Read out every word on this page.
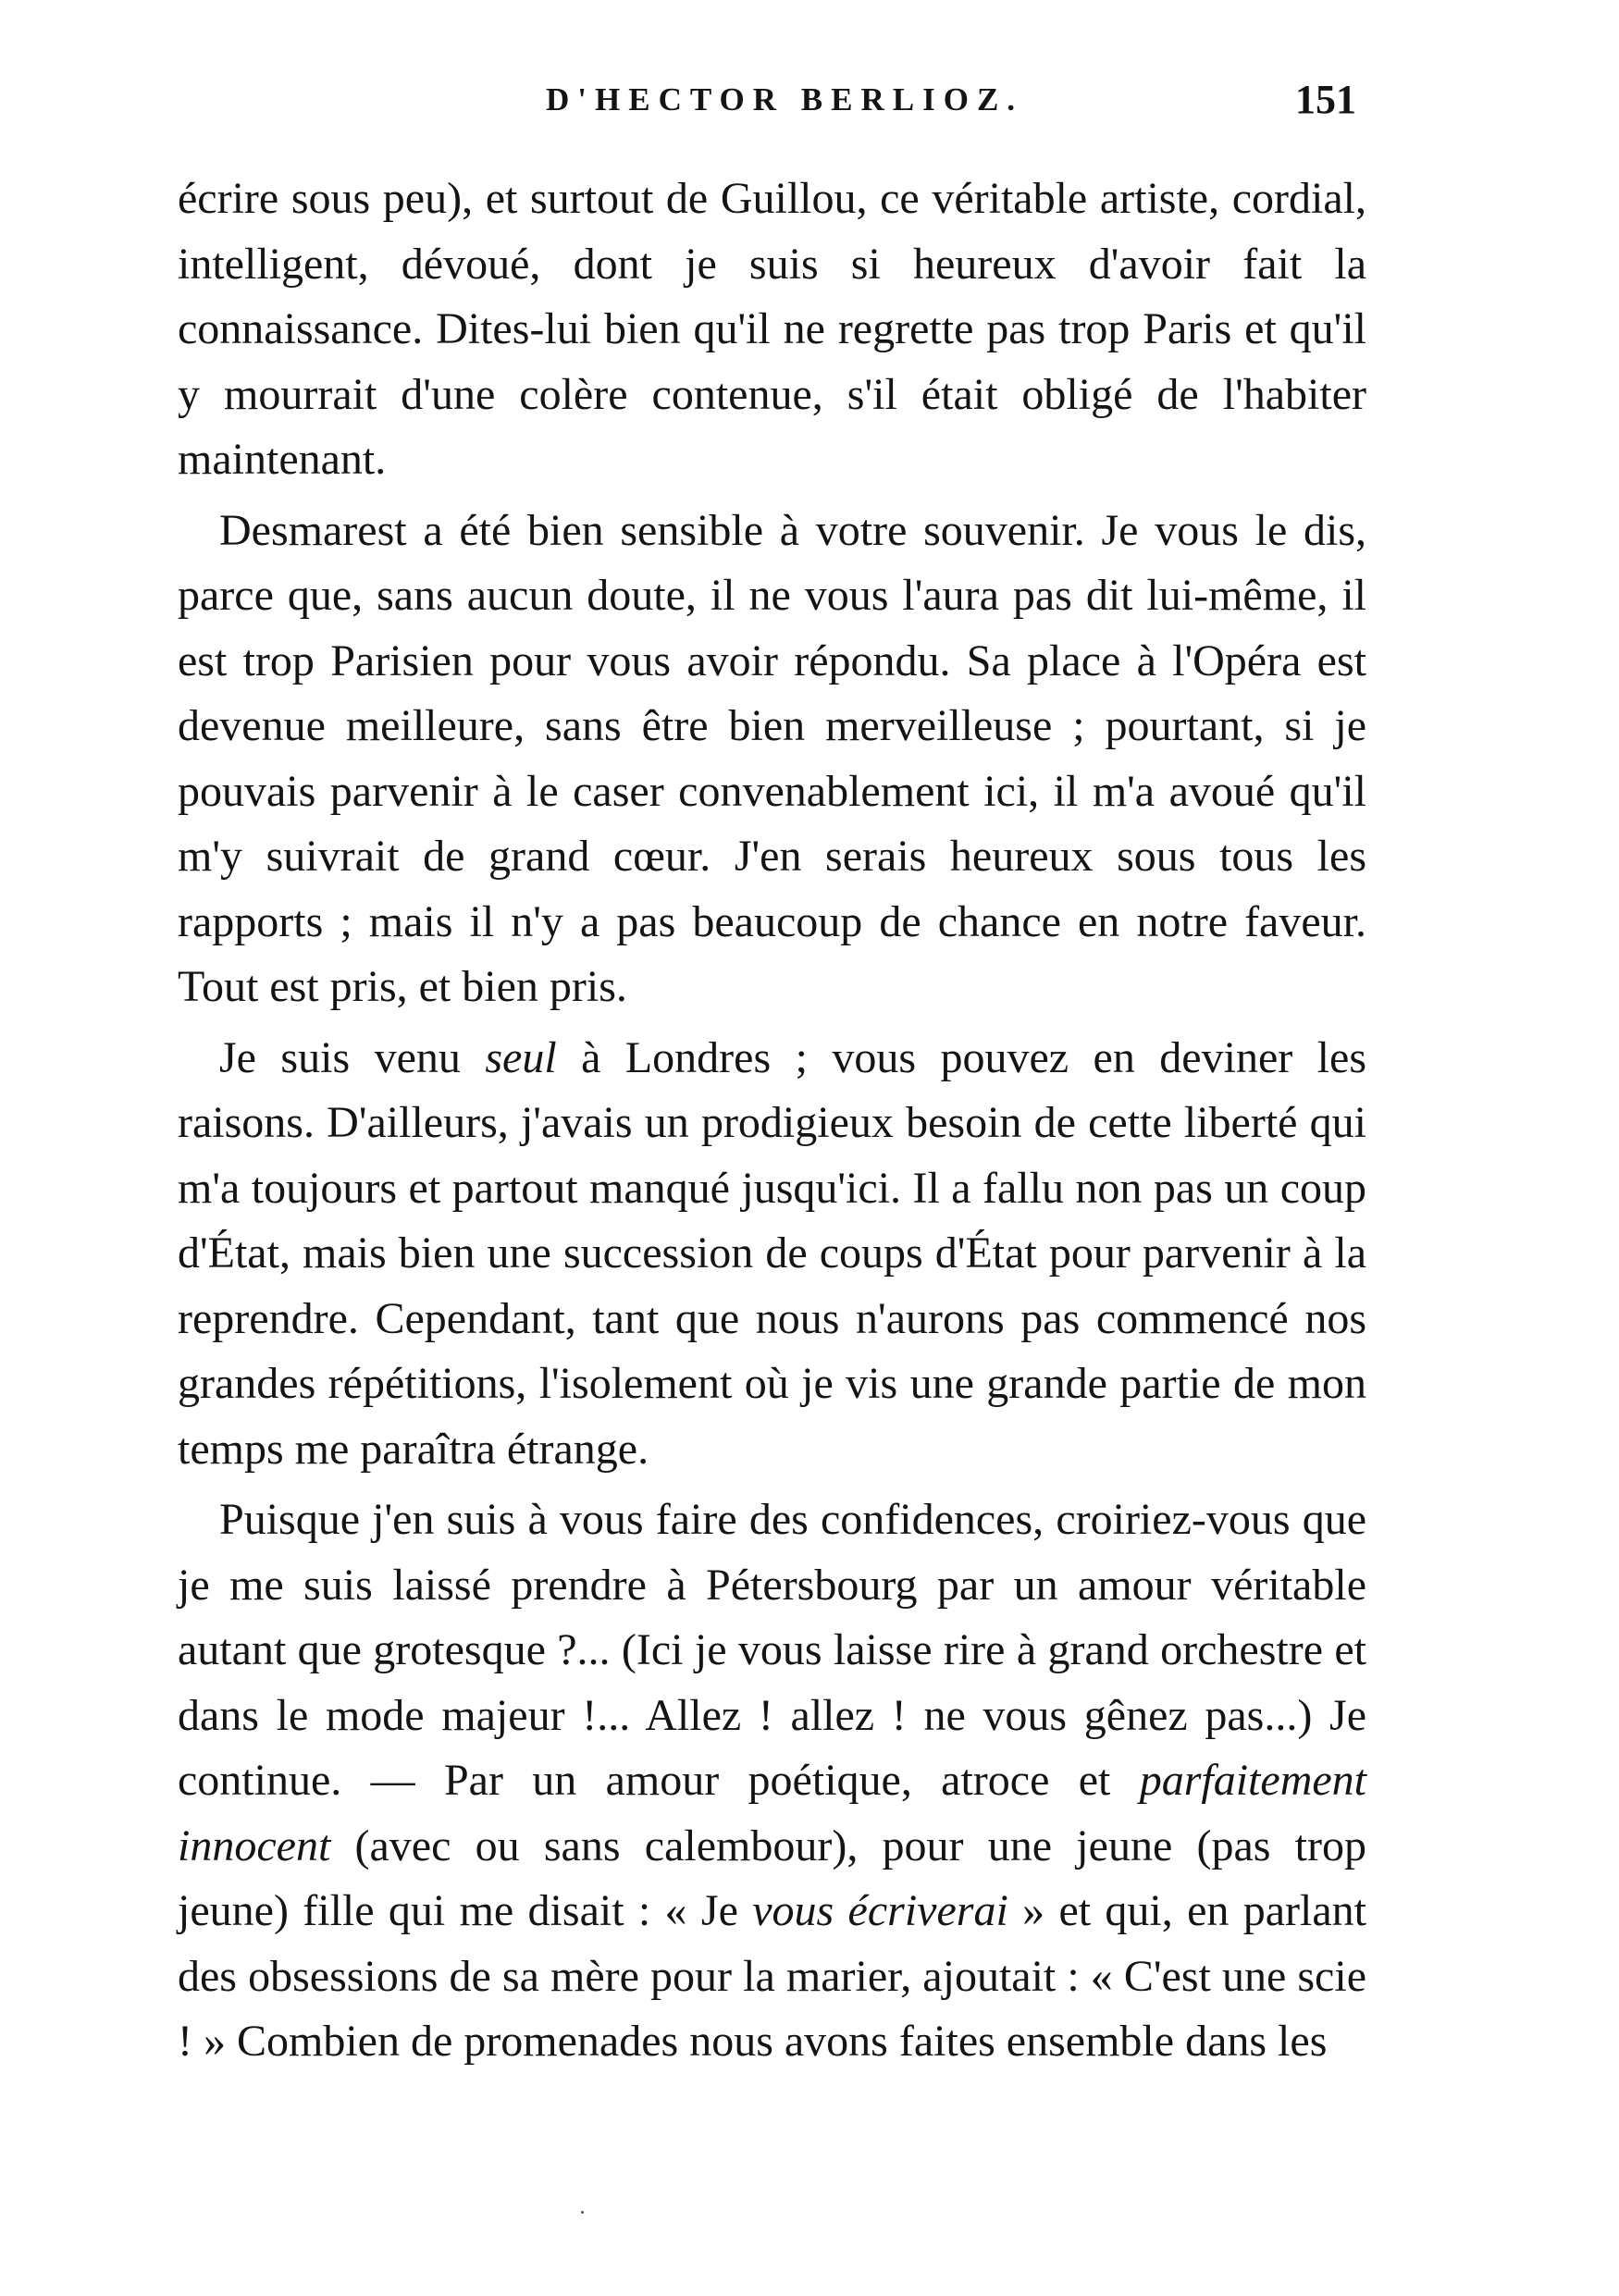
D'HECTOR BERLIOZ.	151

écrire sous peu), et surtout de Guillou, ce véritable artiste, cordial, intelligent, dévoué, dont je suis si heureux d'avoir fait la connaissance. Dites-lui bien qu'il ne regrette pas trop Paris et qu'il y mourrait d'une colère contenue, s'il était obligé de l'habiter maintenant.

Desmarest a été bien sensible à votre souvenir. Je vous le dis, parce que, sans aucun doute, il ne vous l'aura pas dit lui-même, il est trop Parisien pour vous avoir répondu. Sa place à l'Opéra est devenue meilleure, sans être bien merveilleuse ; pourtant, si je pouvais parvenir à le caser convenablement ici, il m'a avoué qu'il m'y suivrait de grand cœur. J'en serais heureux sous tous les rapports ; mais il n'y a pas beaucoup de chance en notre faveur. Tout est pris, et bien pris.

Je suis venu seul à Londres ; vous pouvez en deviner les raisons. D'ailleurs, j'avais un prodigieux besoin de cette liberté qui m'a toujours et partout manqué jusqu'ici. Il a fallu non pas un coup d'État, mais bien une succession de coups d'État pour parvenir à la reprendre. Cependant, tant que nous n'aurons pas commencé nos grandes répétitions, l'isolement où je vis une grande partie de mon temps me paraîtra étrange.

Puisque j'en suis à vous faire des confidences, croiriez-vous que je me suis laissé prendre à Pétersbourg par un amour véritable autant que grotesque ?... (Ici je vous laisse rire à grand orchestre et dans le mode majeur !... Allez ! allez ! ne vous gênez pas...) Je continue. — Par un amour poétique, atroce et parfaitement innocent (avec ou sans calembour), pour une jeune (pas trop jeune) fille qui me disait : « Je vous écriverai » et qui, en parlant des obsessions de sa mère pour la marier, ajoutait : « C'est une scie ! » Combien de promenades nous avons faites ensemble dans les
